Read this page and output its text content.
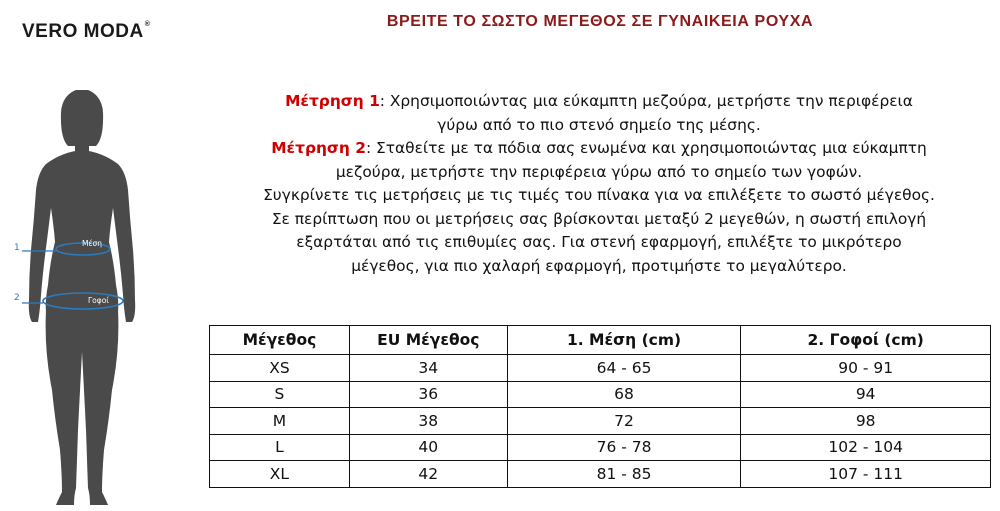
VERO MODA®	ΒΡΕΙΤΕ ΤΟ ΣΩΣΤΟ ΜΕΓΕΘΟΣ ΣΕ ΓΥΝΑΙΚΕΙΑ ΡΟΥΧΑ
Μέτρηση 1: Χρησιμοποιώντας μια εύκαμπτη μεζούρα, μετρήστε την περιφέρεια
γύρω από το πιο στενό σημείο της μέσης.
Μέτρηση 2: Σταθείτε με τα πόδια σας ενωμένα και χρησιμοποιώντας μια εύκαμπτη
μεζούρα, μετρήστε την περιφέρεια γύρω από το σημείο των γοφών.
Συγκρίνετε τις μετρήσεις με τις τιμές του πίνακα για να επιλέξετε το σωστό μέγεθος.
Σε περίπτωση που οι μετρήσεις σας βρίσκονται μεταξύ 2 μεγεθών, η σωστή επιλογή
εξαρτάται από τις επιθυμίες σας. Για στενή εφαρμογή, επιλέξτε το μικρότερο
μέγεθος, για πιο χαλαρή εφαρμογή, προτιμήστε το μεγαλύτερο.
1	Μέση
2	Γοφοί
Μέγεθος	EU Μέγεθος	1. Μέση (cm)	2. Γοφοί (cm)
XS	34	64 - 65	90 - 91
S	36	68	94
M	38	72	98
L	40	76 - 78	102 - 104
XL	42	81 - 85	107 - 111
